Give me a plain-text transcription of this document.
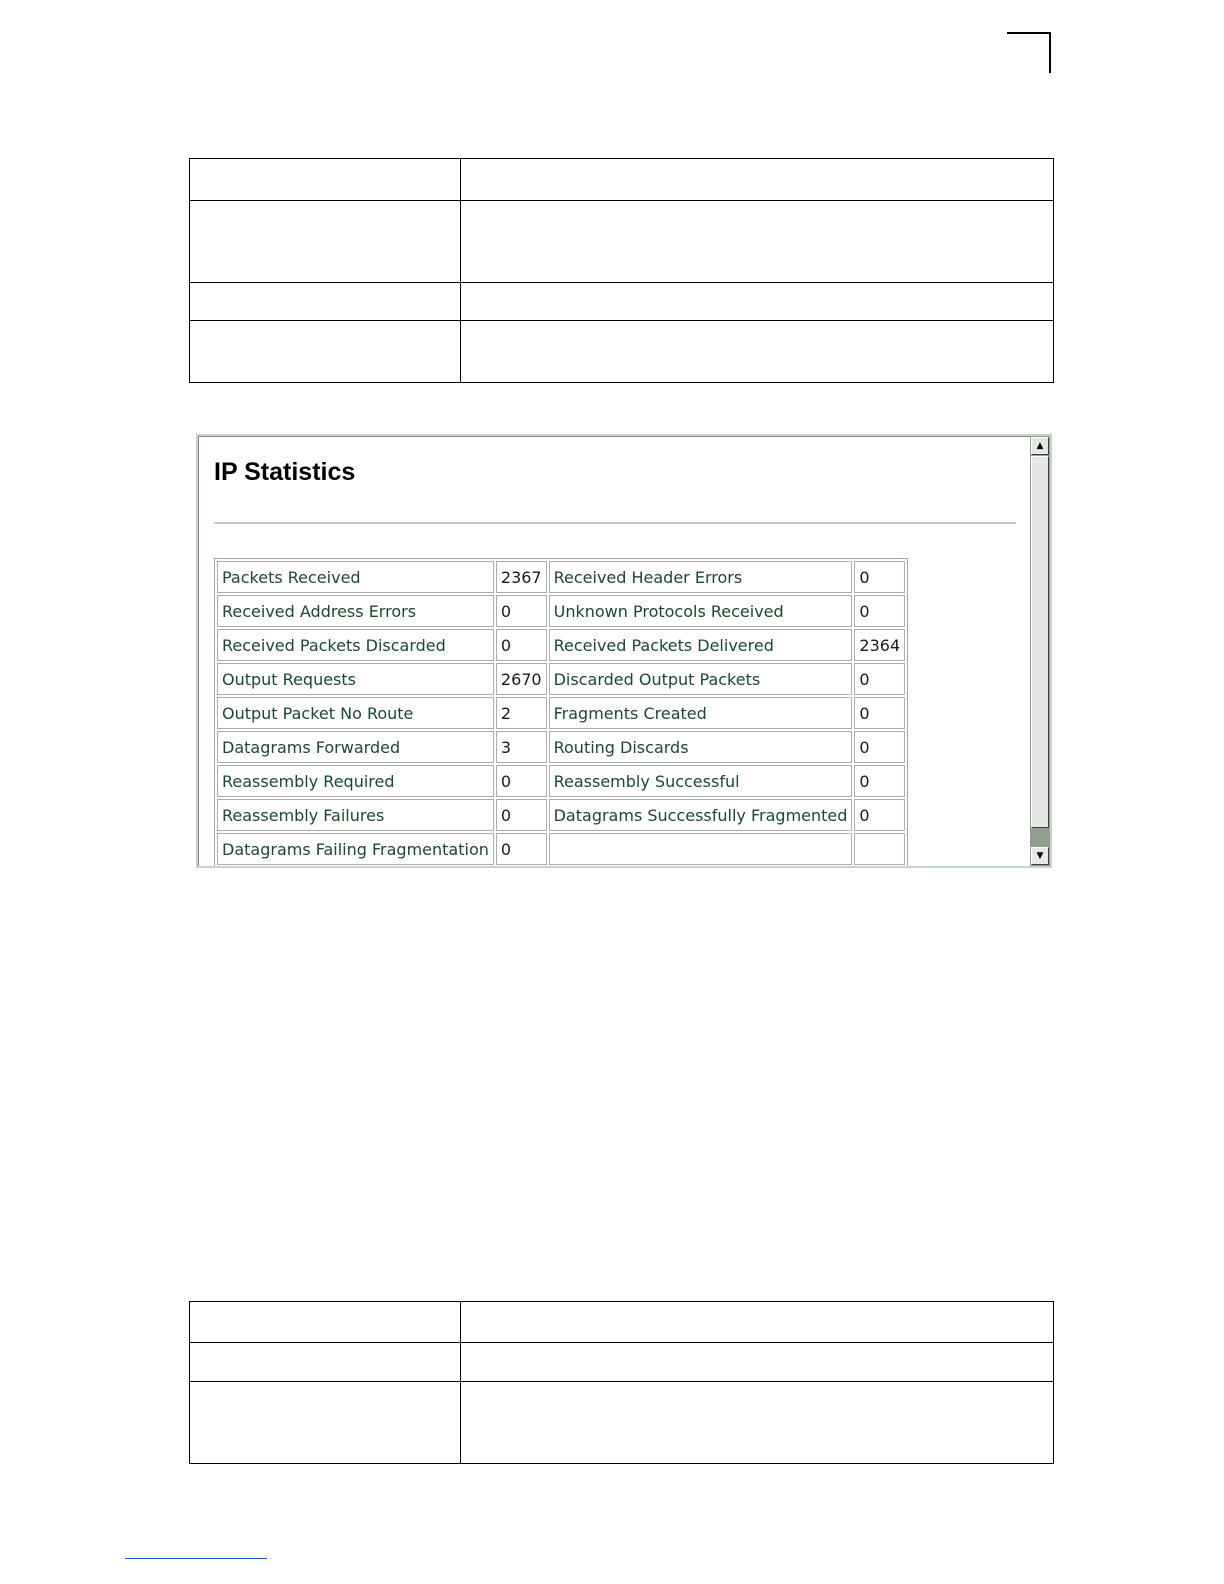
IP Statistics
Packets Received	2367	Received Header Errors	0
Received Address Errors	0	Unknown Protocols Received	0
Received Packets Discarded	0	Received Packets Delivered	2364
Output Requests	2670	Discarded Output Packets	0
Output Packet No Route	2	Fragments Created	0
Datagrams Forwarded	3	Routing Discards	0
Reassembly Required	0	Reassembly Successful	0
Reassembly Failures	0	Datagrams Successfully Fragmented	0
Datagrams Failing Fragmentation	0		
▲
▼
